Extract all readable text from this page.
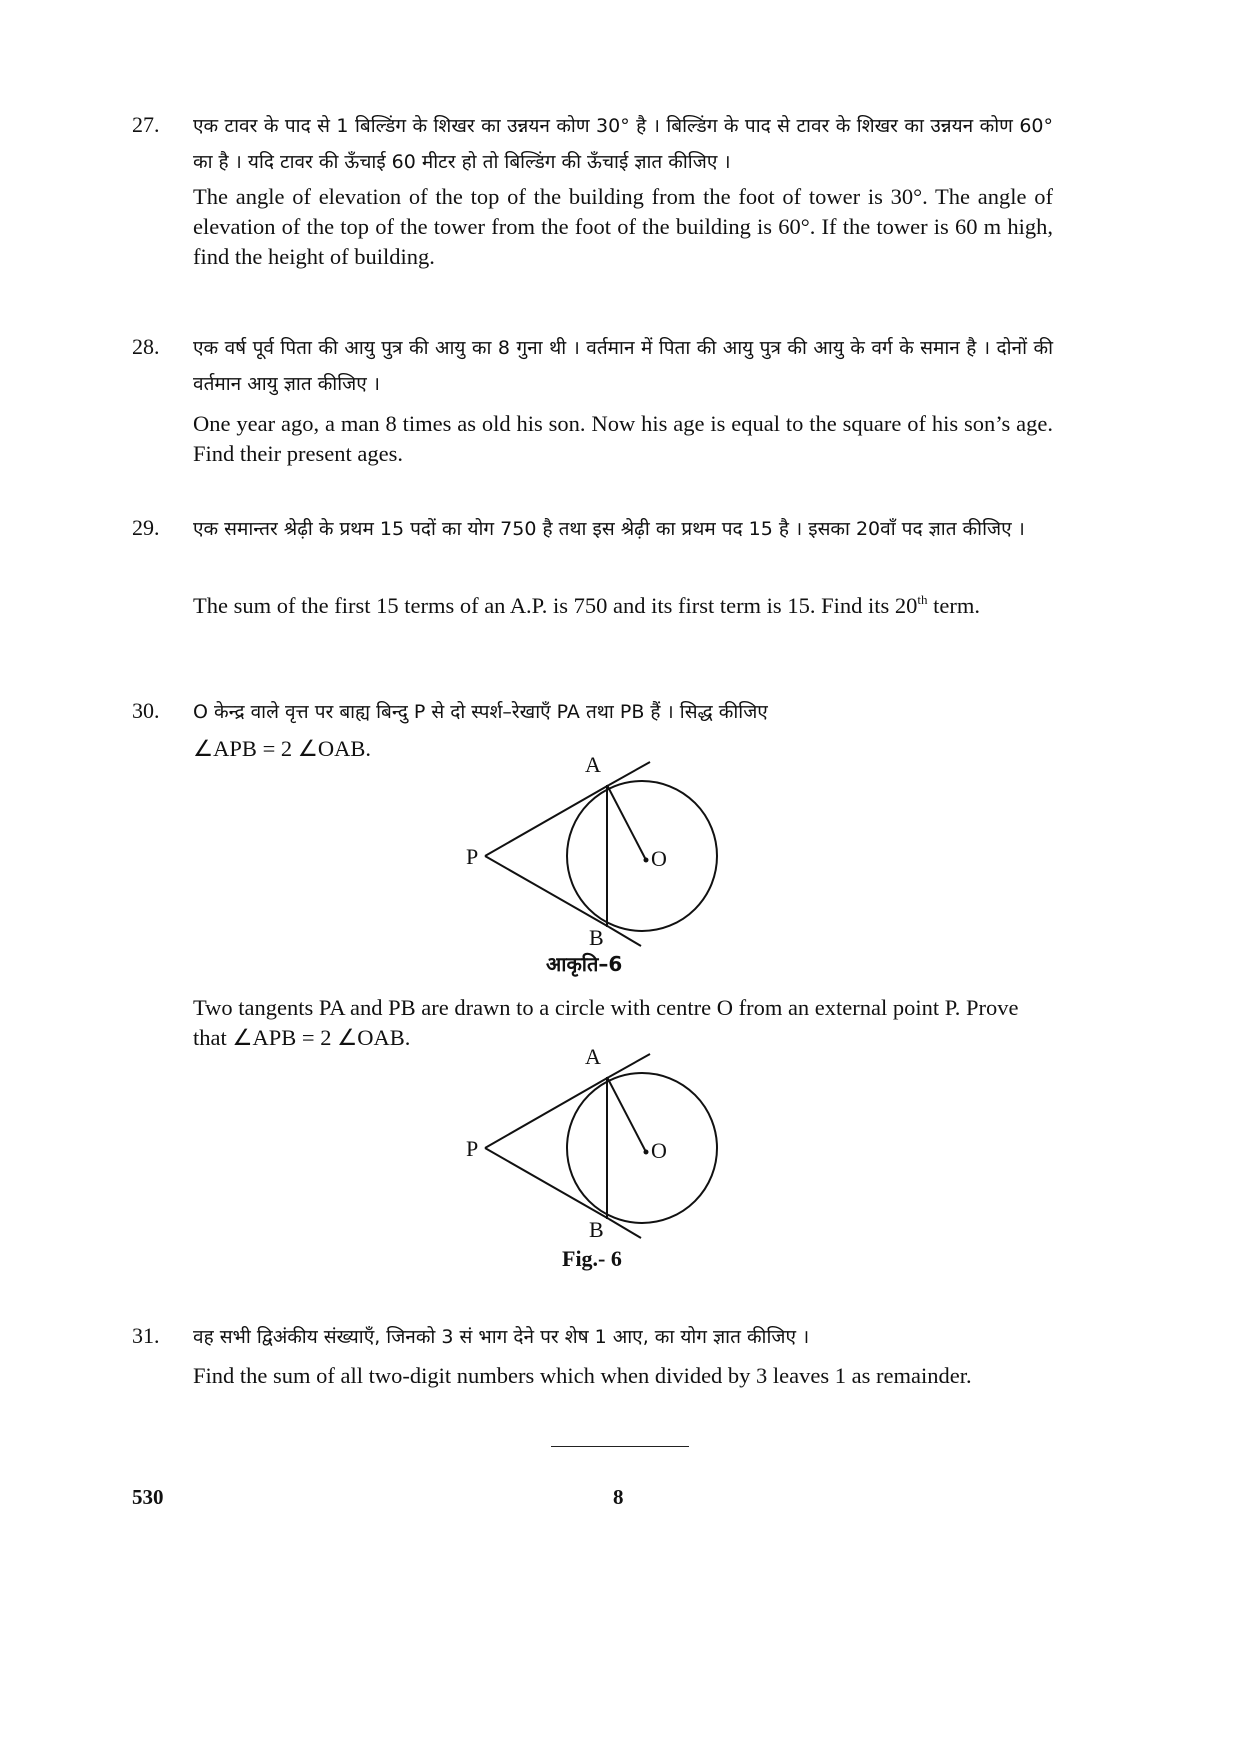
27. एक टावर के पाद से 1 बिल्डिंग के शिखर का उन्नयन कोण 30° है । बिल्डिंग के पाद से टावर के शिखर का उन्नयन कोण 60° का है । यदि टावर की ऊँचाई 60 मीटर हो तो बिल्डिंग की ऊँचाई ज्ञात कीजिए ।
The angle of elevation of the top of the building from the foot of tower is 30°. The angle of elevation of the top of the tower from the foot of the building is 60°. If the tower is 60 m high, find the height of building.
28. एक वर्ष पूर्व पिता की आयु पुत्र की आयु का 8 गुना थी । वर्तमान में पिता की आयु पुत्र की आयु के वर्ग के समान है । दोनों की वर्तमान आयु ज्ञात कीजिए ।
One year ago, a man 8 times as old his son. Now his age is equal to the square of his son’s age. Find their present ages.
29. एक समान्तर श्रेढ़ी के प्रथम 15 पदों का योग 750 है तथा इस श्रेढ़ी का प्रथम पद 15 है । इसका 20वाँ पद ज्ञात कीजिए ।
The sum of the first 15 terms of an A.P. is 750 and its first term is 15. Find its 20th term.
30. O केन्द्र वाले वृत्त पर बाह्य बिन्दु P से दो स्पर्श–रेखाएँ PA तथा PB हैं । सिद्ध कीजिए
∠APB = 2 ∠OAB.
A
P	O
B
आकृति–6
Two tangents PA and PB are drawn to a circle with centre O from an external point P. Prove that ∠APB = 2 ∠OAB.
A
P	O
B
Fig.- 6
31. वह सभी द्विअंकीय संख्याएँ, जिनको 3 सं भाग देने पर शेष 1 आए, का योग ज्ञात कीजिए ।
Find the sum of all two-digit numbers which when divided by 3 leaves 1 as remainder.
530	8
